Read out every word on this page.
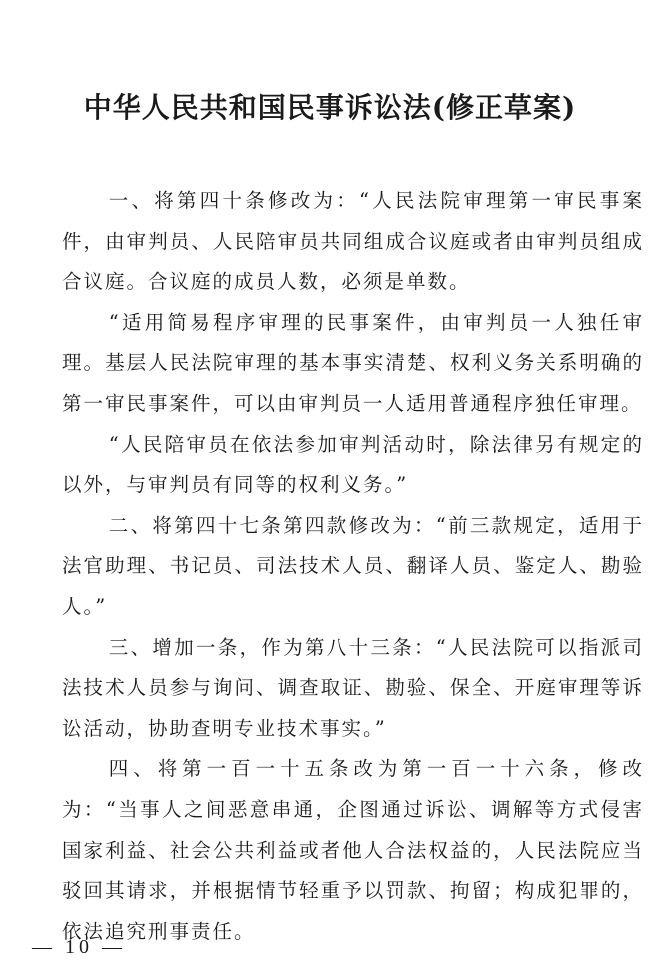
中华人民共和国民事诉讼法(修正草案)

一、将第四十条修改为：“人民法院审理第一审民事案件，由审判员、人民陪审员共同组成合议庭或者由审判员组成合议庭。合议庭的成员人数，必须是单数。

“适用简易程序审理的民事案件，由审判员一人独任审理。基层人民法院审理的基本事实清楚、权利义务关系明确的第一审民事案件，可以由审判员一人适用普通程序独任审理。

“人民陪审员在依法参加审判活动时，除法律另有规定的以外，与审判员有同等的权利义务。”

二、将第四十七条第四款修改为：“前三款规定，适用于法官助理、书记员、司法技术人员、翻译人员、鉴定人、勘验人。”

三、增加一条，作为第八十三条：“人民法院可以指派司法技术人员参与询问、调查取证、勘验、保全、开庭审理等诉讼活动，协助查明专业技术事实。”

四、将第一百一十五条改为第一百一十六条，修改为：“当事人之间恶意串通，企图通过诉讼、调解等方式侵害国家利益、社会公共利益或者他人合法权益的，人民法院应当驳回其请求，并根据情节轻重予以罚款、拘留；构成犯罪的，依法追究刑事责任。

— 10 —
